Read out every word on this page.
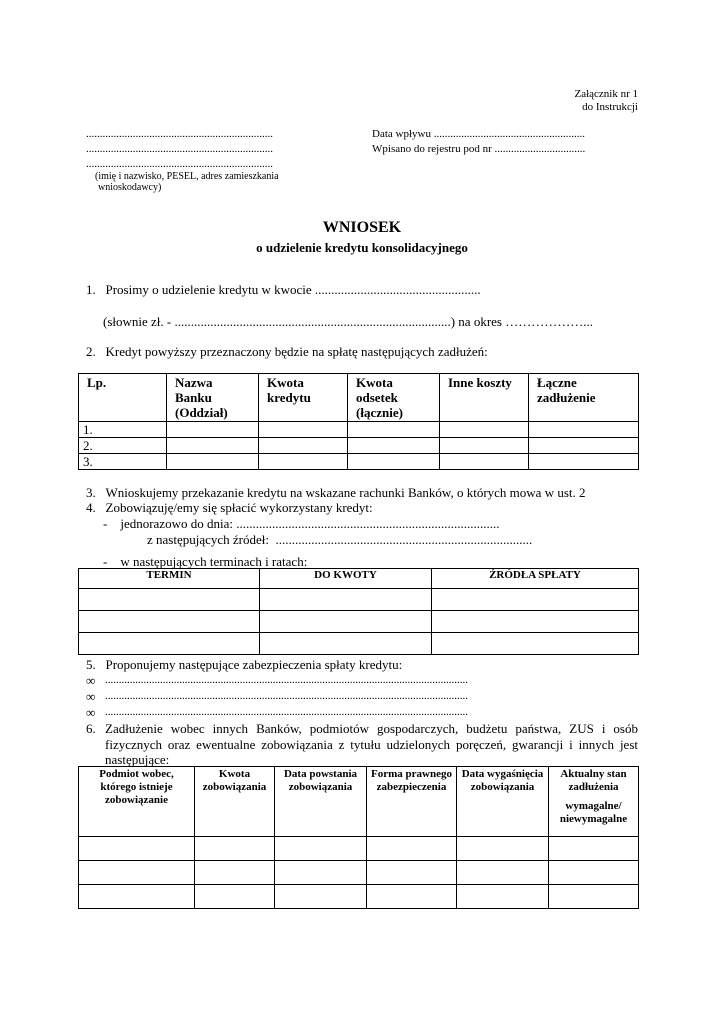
Załącznik nr 1
do Instrukcji
....................................................................
....................................................................
....................................................................
(imię i nazwisko, PESEL, adres zamieszkania
wnioskodawcy)
Data wpływu .......................................................
Wpisano do rejestru pod nr .................................
WNIOSEK
o udzielenie kredytu konsolidacyjnego
1.   Prosimy o udzielenie kredytu w kwocie ...................................................
(słownie zł. - .....................................................................................) na okres ………………...
2.   Kredyt powyższy przeznaczony będzie na spłatę następujących zadłużeń:
Lp.	Nazwa Banku (Oddział)	Kwota kredytu	Kwota odsetek (łącznie)	Inne koszty	Łączne zadłużenie
1.					
2.					
3.					
3.   Wnioskujemy przekazanie kredytu na wskazane rachunki Banków, o których mowa w ust. 2
4.   Zobowiązuję/emy się spłacić wykorzystany kredyt:
-    jednorazowo do dnia: .................................................................................
z następujących źródeł:  ...............................................................................
-    w następujących terminach i ratach:
TERMIN	DO KWOTY	ŹRÓDŁA SPŁATY

5.   Proponujemy następujące zabezpieczenia spłaty kredytu:
∞ ....................................................................................................................................
∞ ....................................................................................................................................
∞ ....................................................................................................................................
6. Zadłużenie wobec innych Banków, podmiotów gospodarczych, budżetu państwa, ZUS i osób
fizycznych oraz ewentualne zobowiązania z tytułu udzielonych poręczeń, gwarancji i innych jest
następujące:
Podmiot wobec, którego istnieje zobowiązanie	Kwota zobowiązania	Data powstania zobowiązania	Forma prawnego zabezpieczenia	Data wygaśnięcia zobowiązania	Aktualny stan zadłużenia
wymagalne/ niewymagalne
